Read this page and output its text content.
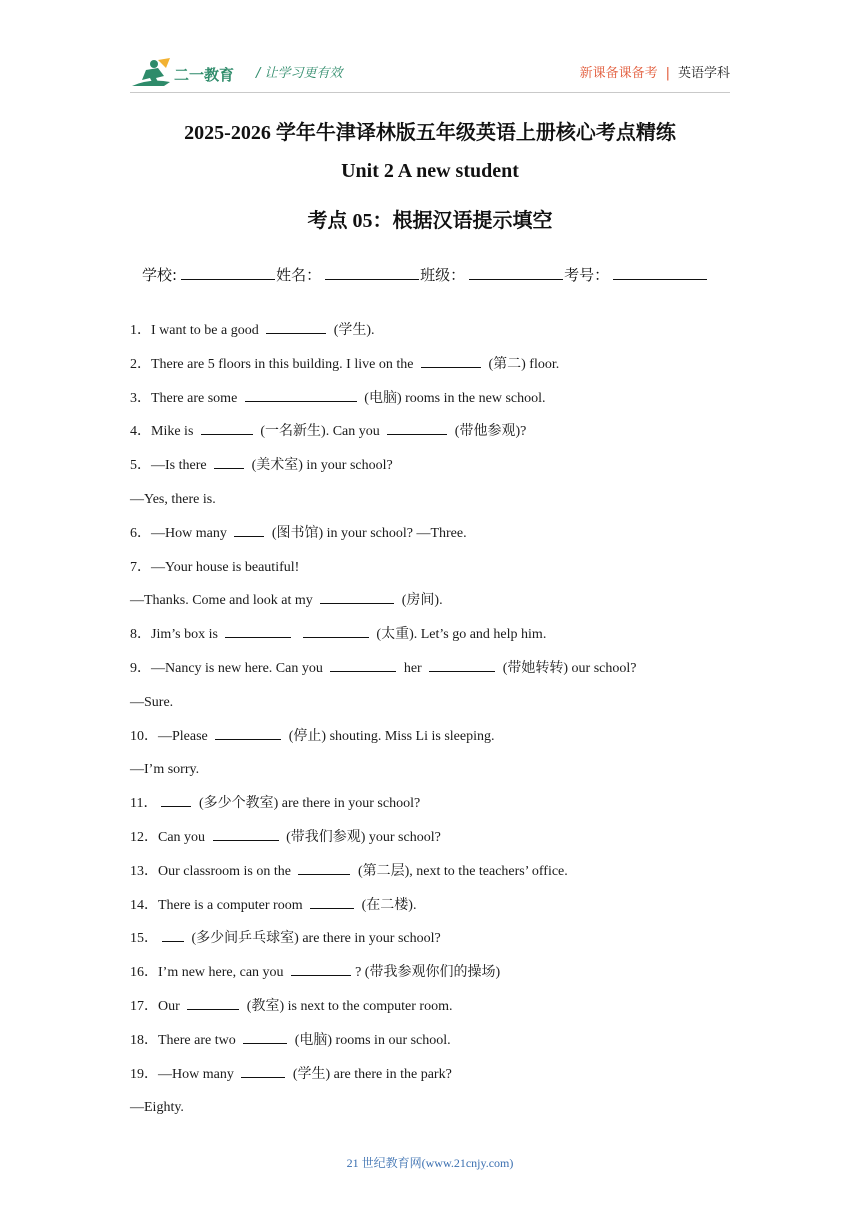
二一教育 / 让学习更有效	新课备课备考 | 英语学科
2025-2026 学年牛津译林版五年级英语上册核心考点精练
Unit 2 A new student
考点 05：根据汉语提示填空
学校:	姓名：	班级：	考号：
1．I want to be a good	(学生).
2．There are 5 floors in this building. I live on the	(第二) floor.
3．There are some	(电脑) rooms in the new school.
4．Mike is	(一名新生). Can you	(带他参观)?
5．—Is there	(美术室) in your school?
—Yes, there is.
6．—How many	(图书馆) in your school? —Three.
7．—Your house is beautiful!
—Thanks. Come and look at my	(房间).
8．Jim’s box is	(太重). Let’s go and help him.
9．—Nancy is new here. Can you	her	(带她转转) our school?
—Sure.
10．—Please	(停止) shouting. Miss Li is sleeping.
—I’m sorry.
11．	(多少个教室) are there in your school?
12．Can you	(带我们参观) your school?
13．Our classroom is on the	(第二层), next to the teachers’ office.
14．There is a computer room	(在二楼).
15． (多少间乒乓球室) are there in your school?
16．I’m new here, can you	? (带我参观你们的操场)
17．Our	(教室) is next to the computer room.
18．There are two	(电脑) rooms in our school.
19．—How many	(学生) are there in the park?
—Eighty.
21 世纪教育网(www.21cnjy.com)
